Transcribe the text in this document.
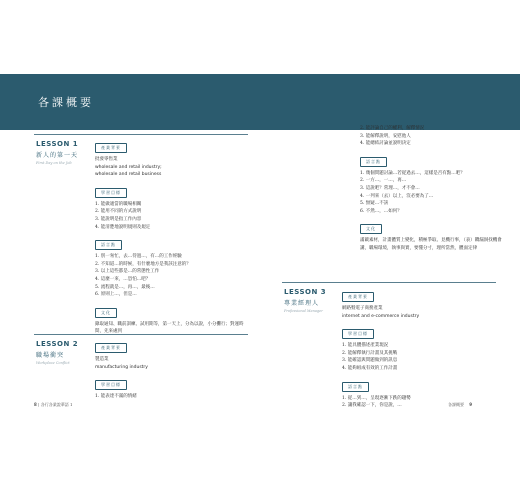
各課概要
LESSON 1
新人的第一天
First Day on the Job
產業背景
批發零售業
wholesale and retail industry;
wholesale and retail business
學習目標
1. 能做適當的職場相關
2. 能用不同的方式說明
3. 能說明是指工作內容
4. 能清楚地說明規則及規定
語言點
1. 別一匆忙，去…待過…，有…的工作經驗
2. 不知道…的時候，有什麼地方是我該注意的？
3. 以上這些都是…的常態性工作
4. 這麼一來，…恐怕…吧？
5. 流程就是…，再…，最後…
6. 原則上…，但是…
文化
錄取通知、職前訓練、試用期等，第一天上，分為以說，小分攤行；對運時間，先來處到
LESSON 2
職場衝突
Workplace Conflict
產業背景
製造業
manufacturing industry
學習目標
1. 能表達不滿的情緒
2. 能評論自己的權利，解釋情況
3. 能解釋說明，安慰他人
4. 能總結討論並說明決定
語言點
1. 幾個問題討論…若從過去…，這樣是否有點…吧？
2. 一方…，一…，再…
3. 這說吧？常理…，才不會…
4. 一列來（去）以上，沒必要為了…
5. 無疑…不該
6. 不然…，…如何？
文化
滿載素材，計畫體質上變化，積極爭取、見機行事，（表）鑽漏洞找機會講，職場環境，執事與實，要懂分寸，理所當然，體面定律
LESSON 3
專業經理人
Professional Manager
產業背景
網路暨電子商務產業
internet and e-commerce industry
學習目標
1. 能具體描述產業現況
2. 能解釋執行計畫及其挑戰
3. 能確認與問題做到的訊息
4. 能夠組成有效的工作計畫
語言點
1. 從…到…，呈現逐漸下跌的趨勢
2. 讓我確認一下，你是說，…
8 | 各行各業說華語 1	各課概要 9
